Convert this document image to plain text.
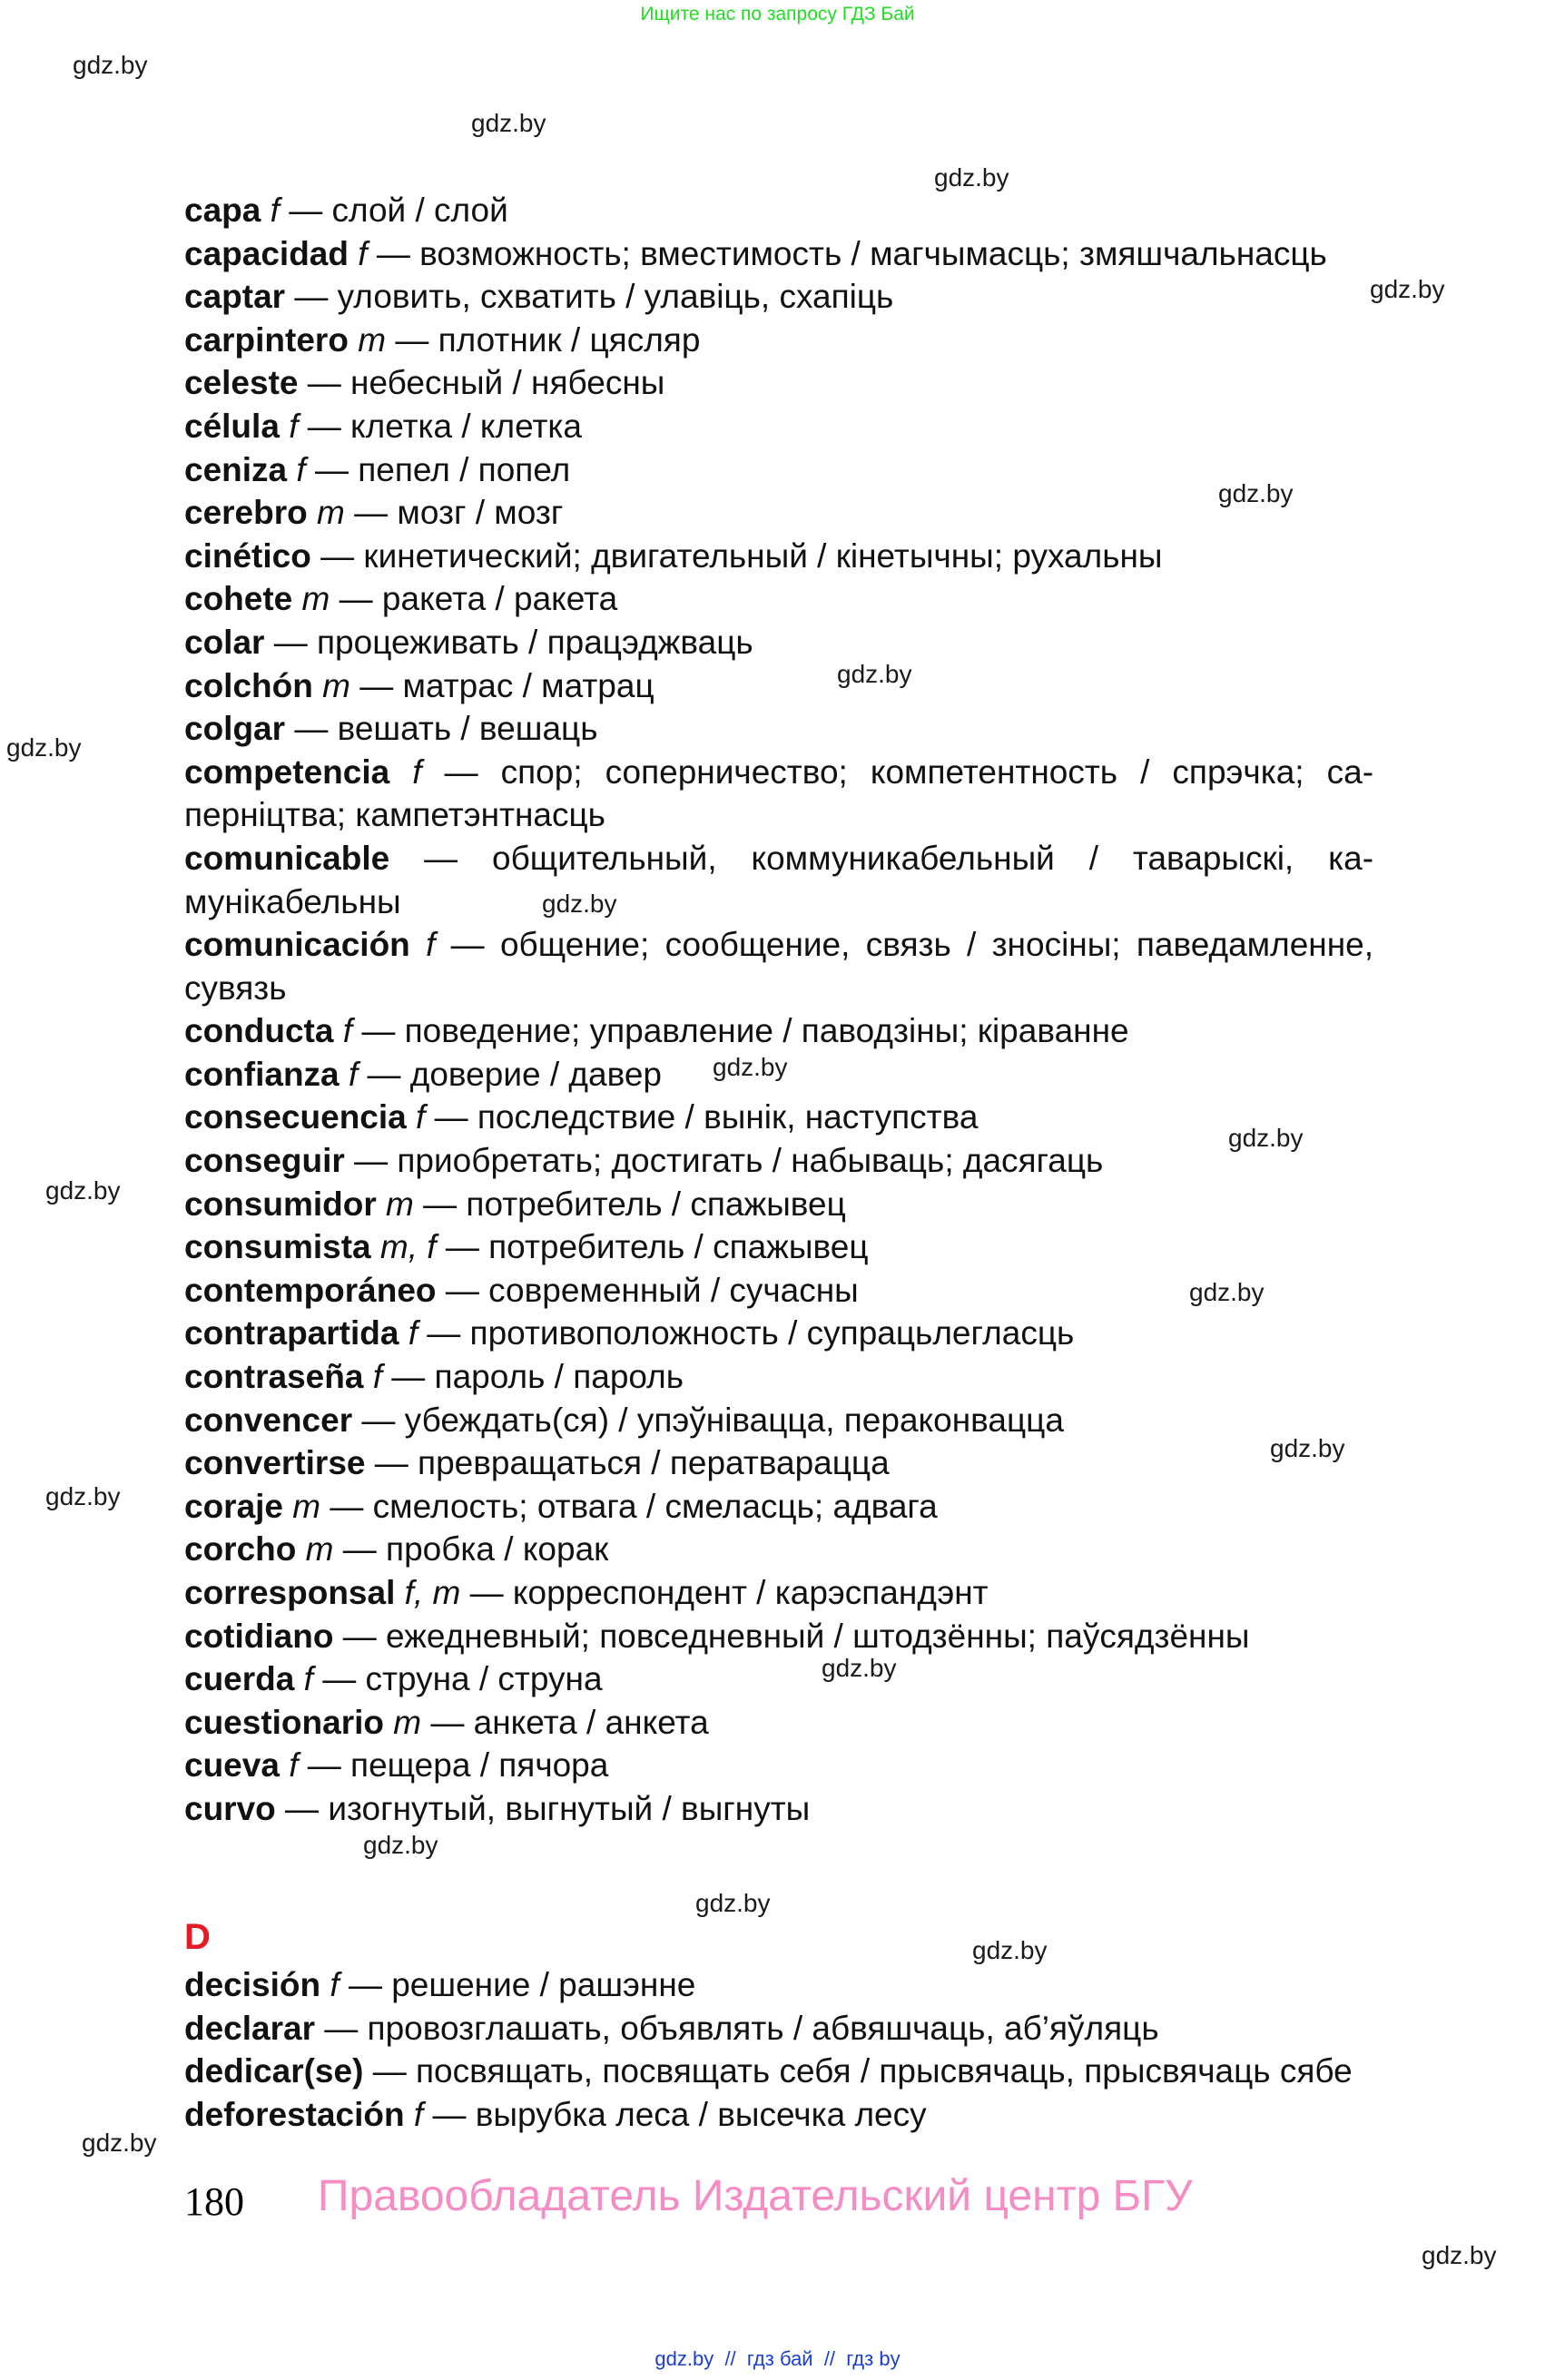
Ищите нас по запросу ГДЗ Бай
gdz.by
gdz.by
gdz.by
gdz.by
gdz.by
gdz.by
gdz.by
gdz.by
gdz.by
gdz.by
gdz.by
gdz.by
gdz.by
gdz.by
gdz.by
gdz.by
gdz.by
gdz.by
gdz.by
gdz.by
capa f — слой / слой
capacidad f — возможность; вместимость / магчымасць; змяшчальнасць
captar — уловить, схватить / улавіць, схапіць
carpintero m — плотник / цясляр
celeste — небесный / нябесны
célula f — клетка / клетка
ceniza f — пепел / попел
cerebro m — мозг / мозг
cinético — кинетический; двигательный / кінетычны; рухальны
cohete m — ракета / ракета
colar — процеживать / працэджваць
colchón m — матрас / матрац
colgar — вешать / вешаць
competencia f — спор; соперничество; компетентность / спрэчка; саперніцтва; кампетэнтнасць
comunicable — общительный, коммуникабельный / таварыскі, камунікабельны
comunicación f — общение; сообщение, связь / зносіны; паведамленне, сувязь
conducta f — поведение; управление / паводзіны; кіраванне
confianza f — доверие / давер
consecuencia f — последствие / вынік, наступства
conseguir — приобретать; достигать / набываць; дасягаць
consumidor m — потребитель / спажывец
consumista m, f — потребитель / спажывец
contemporáneo — современный / сучасны
contrapartida f — противоположность / супрацьлегласць
contraseña f — пароль / пароль
convencer — убеждать(ся) / упэўнівацца, пераконвацца
convertirse — превращаться / ператварацца
coraje m — смелость; отвага / смеласць; адвага
corcho m — пробка / корак
corresponsal f, m — корреспондент / карэспандэнт
cotidiano — ежедневный; повседневный / штодзённы; паўсядзённы
cuerda f — струна / струна
cuestionario m — анкета / анкета
cueva f — пещера / пячора
curvo — изогнутый, выгнутый / выгнуты
D
decisión f — решение / рашэнне
declarar — провозглашать, объявлять / абвяшчаць, аб’яўляць
dedicar(se) — посвящать, посвящать себя / прысвячаць, прысвячаць сябе
deforestación f — вырубка леса / высечка лесу
180 Правообладатель Издательский центр БГУ
gdz.by  //  гдз бай  //  гдз by
